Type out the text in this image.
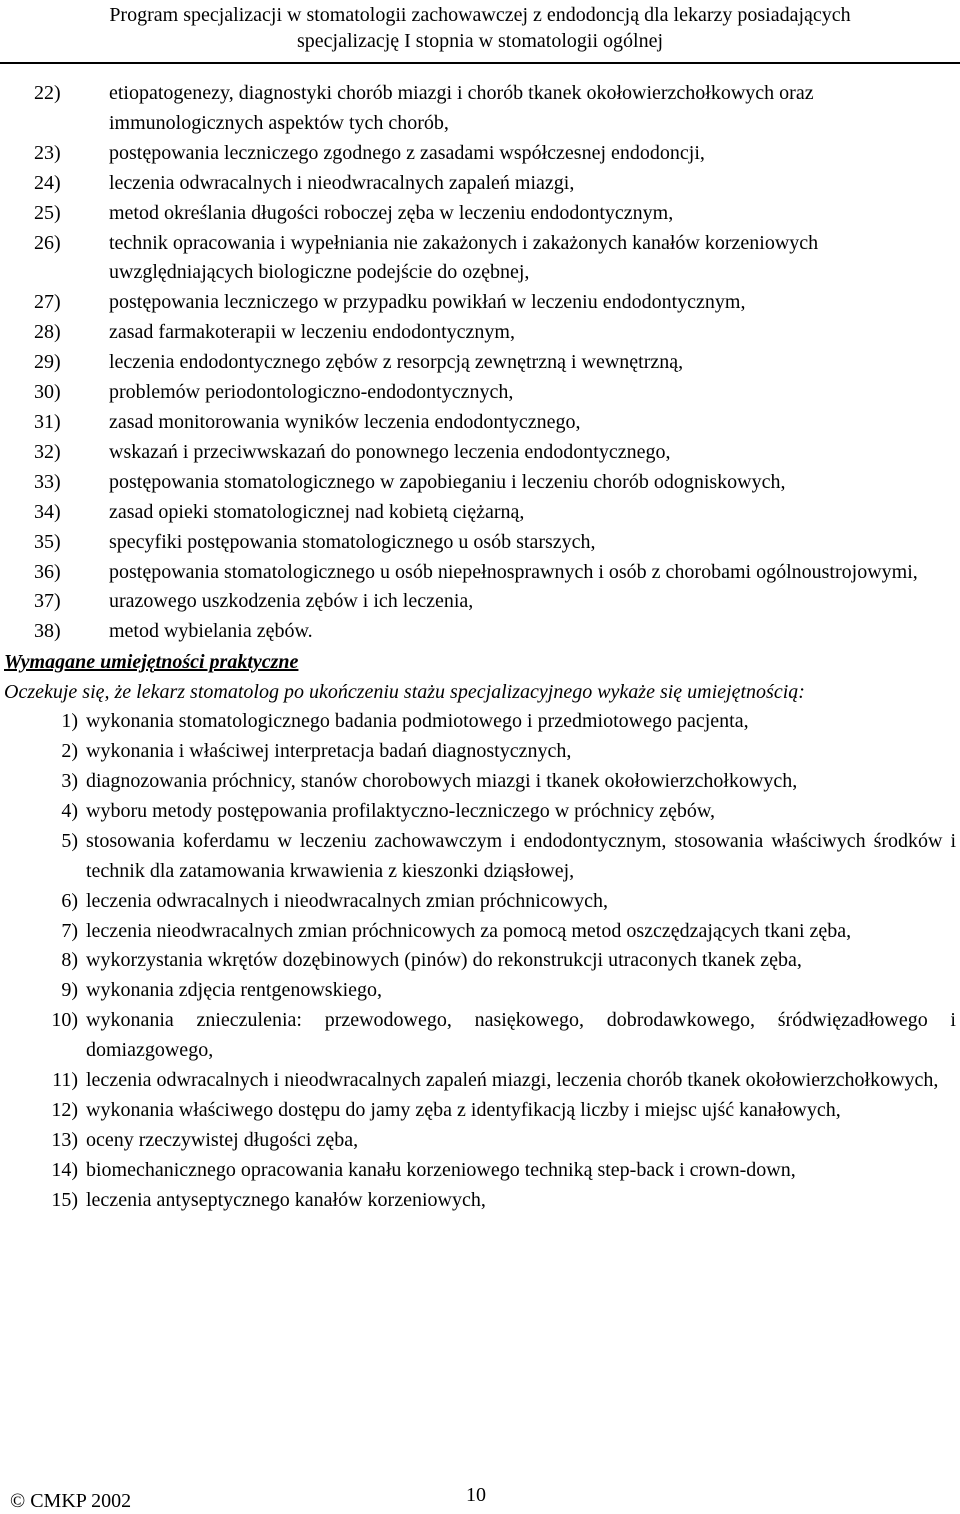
Program specjalizacji w stomatologii zachowawczej z endodoncją dla lekarzy posiadających
specjalizację I stopnia w stomatologii ogólnej
22)	etiopatogenezy, diagnostyki chorób miazgi i chorób tkanek okołowierzchołkowych oraz immunologicznych aspektów tych chorób,
23)	postępowania leczniczego zgodnego z zasadami współczesnej endodoncji,
24)	leczenia odwracalnych i nieodwracalnych zapaleń miazgi,
25)	metod określania długości roboczej zęba w leczeniu endodontycznym,
26)	technik opracowania i wypełniania nie zakażonych i zakażonych kanałów korzeniowych uwzględniających biologiczne podejście do ozębnej,
27)	postępowania leczniczego w przypadku powikłań w leczeniu endodontycznym,
28)	zasad farmakoterapii w leczeniu endodontycznym,
29)	leczenia endodontycznego zębów z resorpcją zewnętrzną i wewnętrzną,
30)	problemów periodontologiczno-endodontycznych,
31)	zasad monitorowania wyników leczenia endodontycznego,
32)	wskazań i przeciwwskazań do ponownego leczenia endodontycznego,
33)	postępowania stomatologicznego w zapobieganiu i leczeniu chorób odogniskowych,
34)	zasad opieki stomatologicznej nad kobietą ciężarną,
35)	specyfiki postępowania stomatologicznego u osób starszych,
36)	postępowania stomatologicznego u osób niepełnosprawnych i osób z chorobami ogólnoustrojowymi,
37)	urazowego uszkodzenia zębów i ich leczenia,
38)	metod wybielania zębów.
Wymagane umiejętności praktyczne
Oczekuje się, że lekarz stomatolog po ukończeniu stażu specjalizacyjnego wykaże się umiejętnością:
1) wykonania stomatologicznego badania podmiotowego i przedmiotowego pacjenta,
2) wykonania i właściwej interpretacja badań diagnostycznych,
3) diagnozowania próchnicy, stanów chorobowych miazgi i tkanek okołowierzchołkowych,
4) wyboru metody postępowania profilaktyczno-leczniczego w próchnicy zębów,
5) stosowania koferdamu w leczeniu zachowawczym i endodontycznym, stosowania właściwych środków i technik dla zatamowania krwawienia z kieszonki dziąsłowej,
6) leczenia odwracalnych i nieodwracalnych zmian próchnicowych,
7) leczenia nieodwracalnych zmian próchnicowych za pomocą metod oszczędzających tkani zęba,
8) wykorzystania wkrętów dozębinowych (pinów) do rekonstrukcji utraconych tkanek zęba,
9) wykonania zdjęcia rentgenowskiego,
10) wykonania znieczulenia: przewodowego, nasiękowego, dobrodawkowego, śródwięzadłowego i domiazgowego,
11) leczenia odwracalnych i nieodwracalnych zapaleń miazgi, leczenia chorób tkanek okołowierzchołkowych,
12) wykonania właściwego dostępu do jamy zęba z identyfikacją liczby i miejsc ujść kanałowych,
13) oceny rzeczywistej długości zęba,
14) biomechanicznego opracowania kanału korzeniowego techniką step-back i crown-down,
15) leczenia antyseptycznego kanałów korzeniowych,
© CMKP 2002	10
